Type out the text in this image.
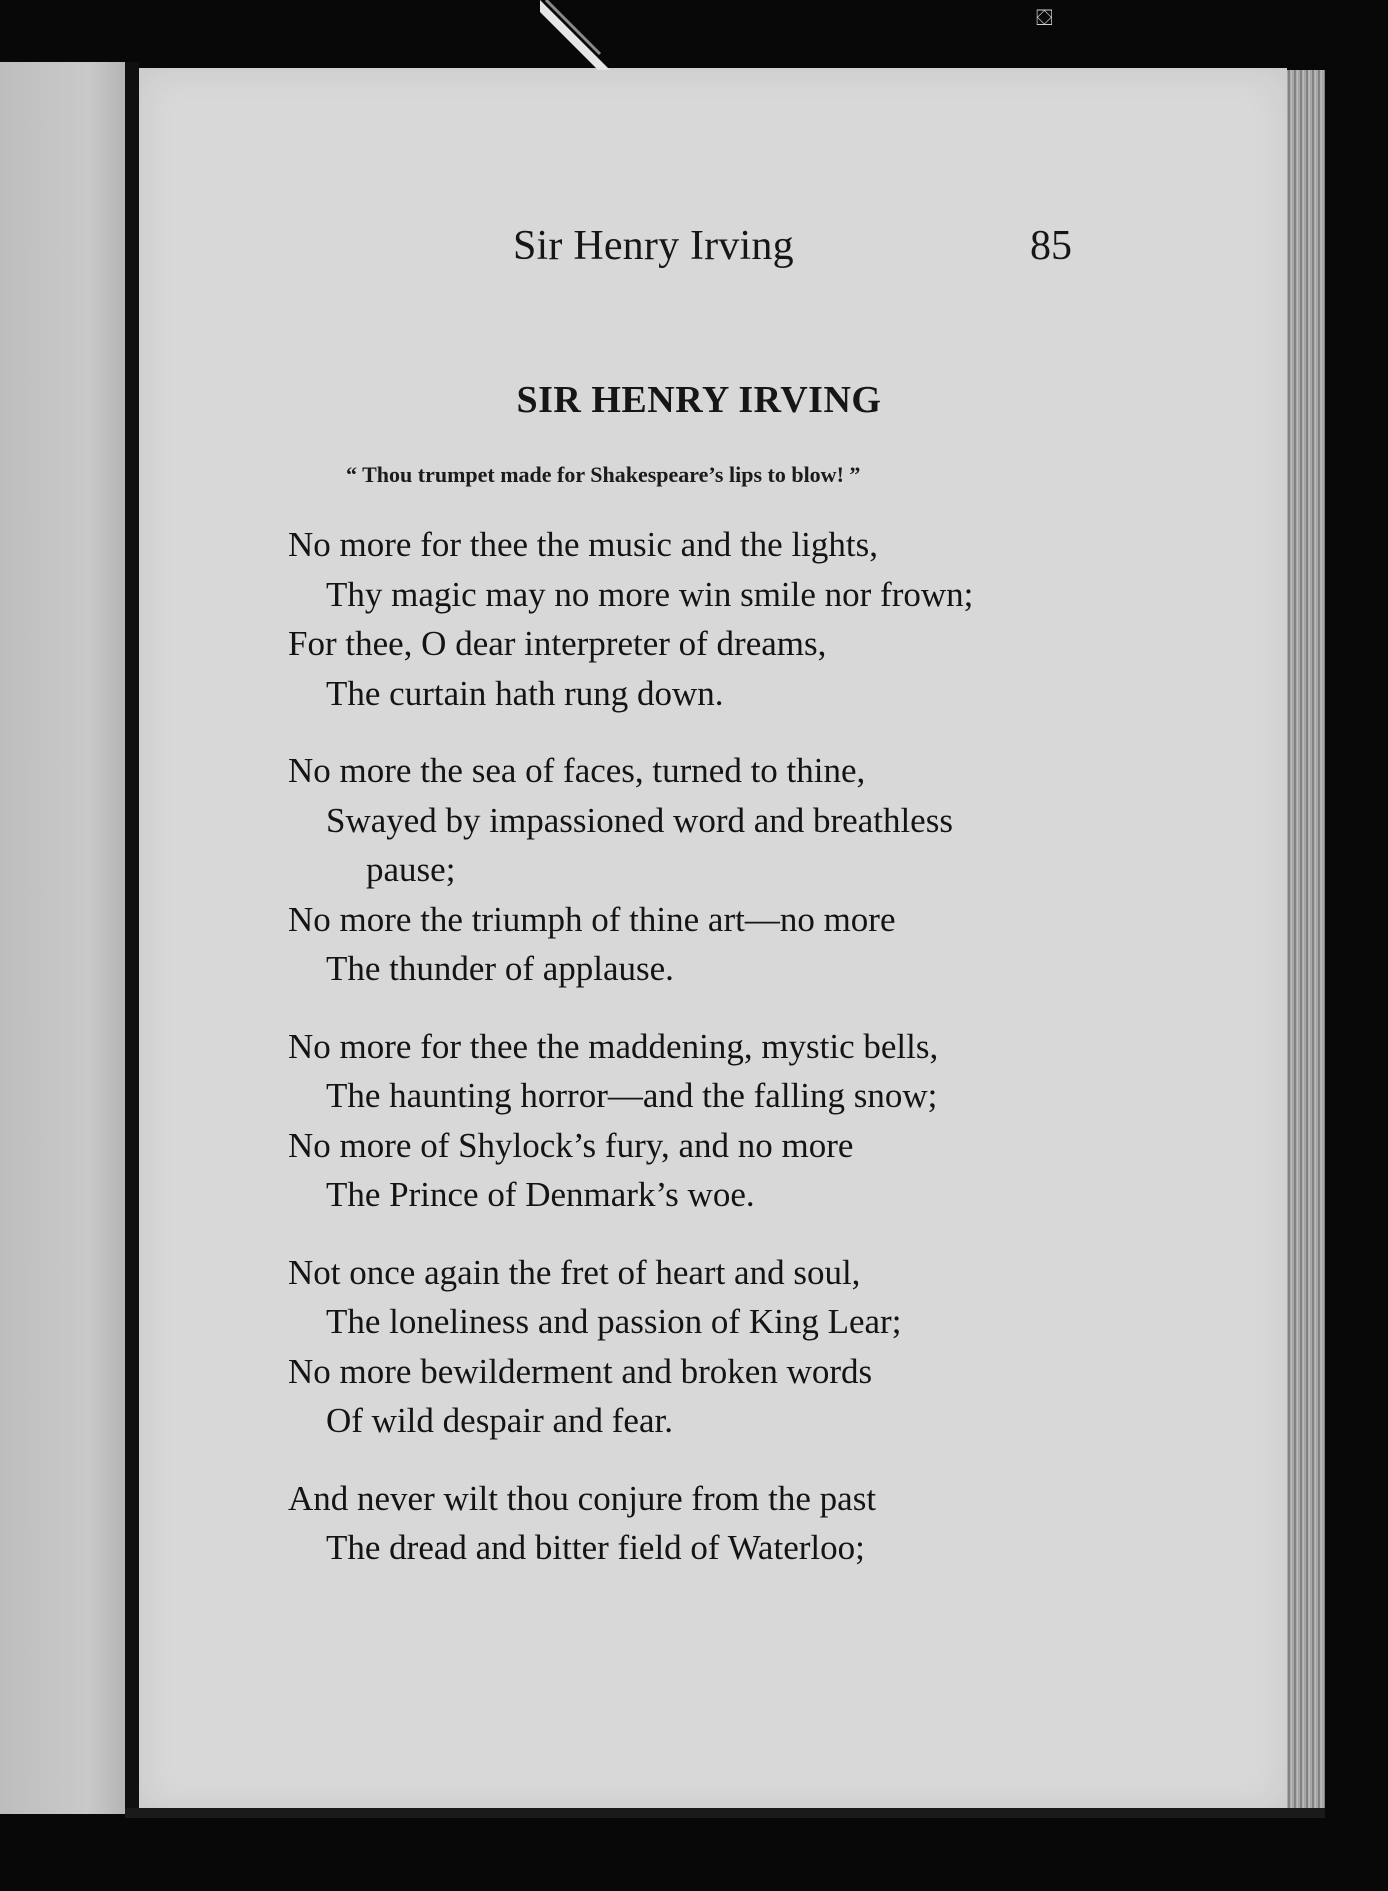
⛋
Sir Henry Irving	85
SIR HENRY IRVING
“ Thou trumpet made for Shakespeare’s lips to blow! ”
No more for thee the music and the lights,
Thy magic may no more win smile nor frown;
For thee, O dear interpreter of dreams,
The curtain hath rung down.
No more the sea of faces, turned to thine,
Swayed by impassioned word and breathless
pause;
No more the triumph of thine art—no more
The thunder of applause.
No more for thee the maddening, mystic bells,
The haunting horror—and the falling snow;
No more of Shylock’s fury, and no more
The Prince of Denmark’s woe.
Not once again the fret of heart and soul,
The loneliness and passion of King Lear;
No more bewilderment and broken words
Of wild despair and fear.
And never wilt thou conjure from the past
The dread and bitter field of Waterloo;
